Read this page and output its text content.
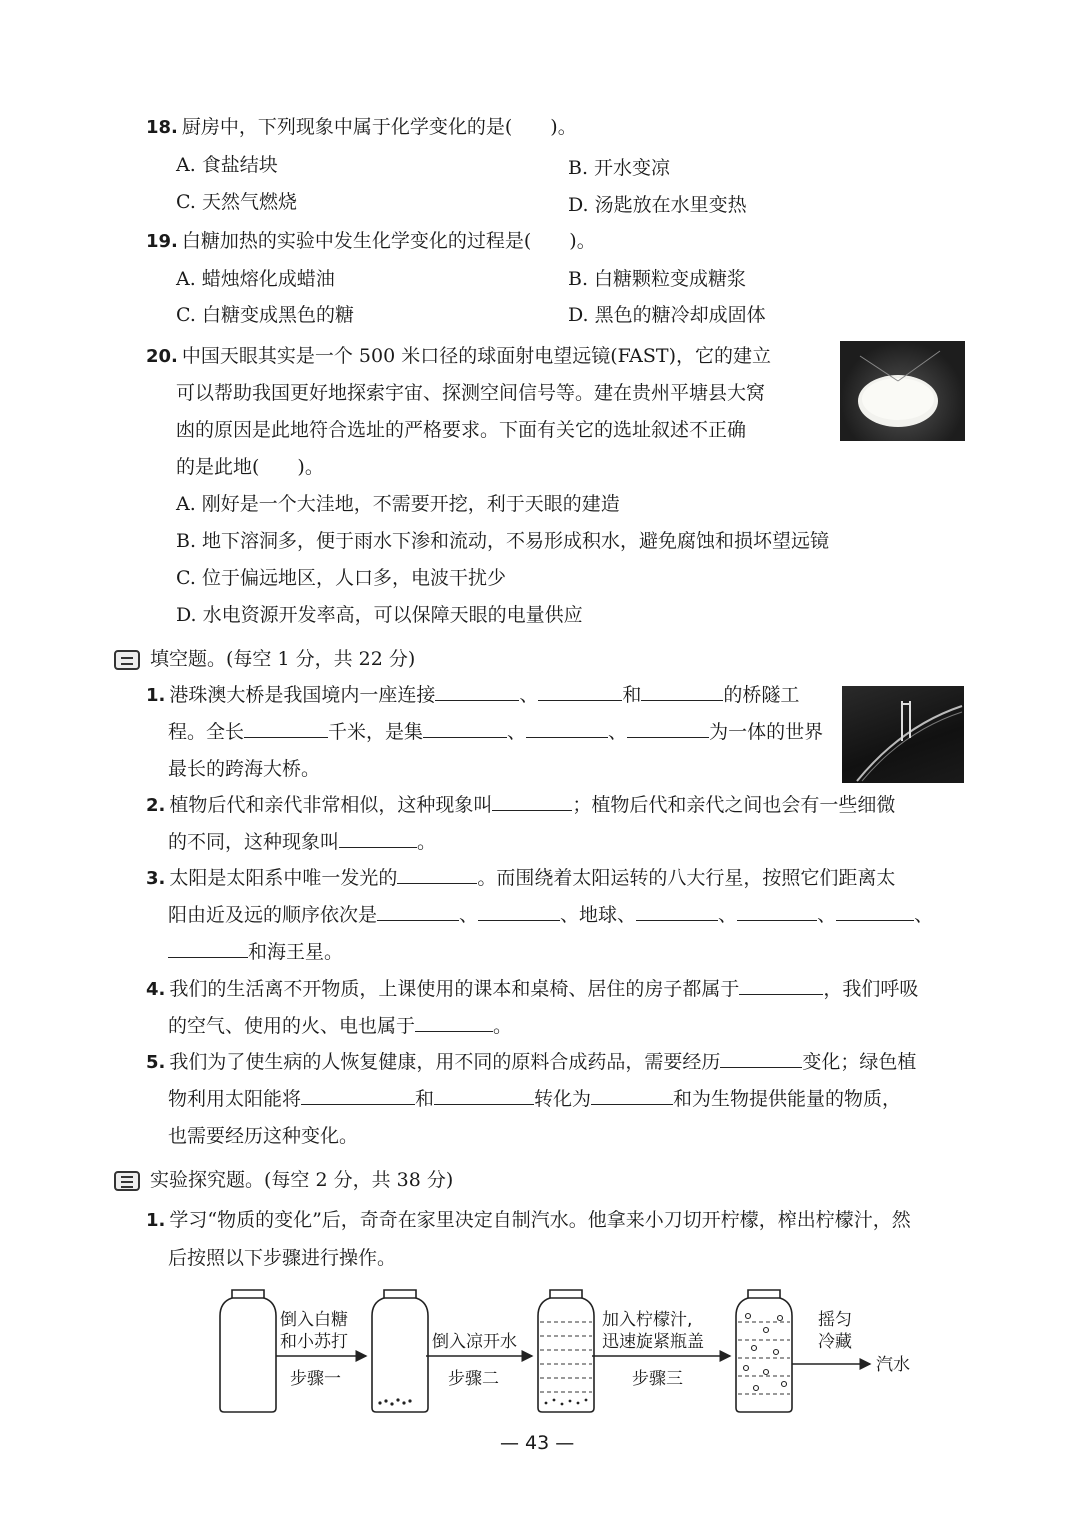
18. 厨房中，下列现象中属于化学变化的是(　　)。
A. 食盐结块	B. 开水变凉
C. 天然气燃烧	D. 汤匙放在水里变热
19. 白糖加热的实验中发生化学变化的过程是(　　)。
A. 蜡烛熔化成蜡油	B. 白糖颗粒变成糖浆
C. 白糖变成黑色的糖	D. 黑色的糖冷却成固体
20. 中国天眼其实是一个 500 米口径的球面射电望远镜(FAST)，它的建立
可以帮助我国更好地探索宇宙、探测空间信号等。建在贵州平塘县大窝
凼的原因是此地符合选址的严格要求。下面有关它的选址叙述不正确
的是此地(　　)。
A. 刚好是一个大洼地，不需要开挖，利于天眼的建造
B. 地下溶洞多，便于雨水下渗和流动，不易形成积水，避免腐蚀和损坏望远镜
C. 位于偏远地区，人口多，电波干扰少
D. 水电资源开发率高，可以保障天眼的电量供应
填空题。(每空 1 分，共 22 分)
1. 港珠澳大桥是我国境内一座连接	、	和	的桥隧工
程。全长	千米，是集	、	、	为一体的世界
最长的跨海大桥。
2. 植物后代和亲代非常相似，这种现象叫	；植物后代和亲代之间也会有一些细微
的不同，这种现象叫	。
3. 太阳是太阳系中唯一发光的	。而围绕着太阳运转的八大行星，按照它们距离太
阳由近及远的顺序依次是	、	、地球、	、	、	、
和海王星。
4. 我们的生活离不开物质，上课使用的课本和桌椅、居住的房子都属于	，我们呼吸
的空气、使用的火、电也属于	。
5. 我们为了使生病的人恢复健康，用不同的原料合成药品，需要经历	变化；绿色植
物利用太阳能将	和	转化为	和为生物提供能量的物质，
也需要经历这种变化。
实验探究题。(每空 2 分，共 38 分)
1. 学习“物质的变化”后，奇奇在家里决定自制汽水。他拿来小刀切开柠檬，榨出柠檬汁，然
后按照以下步骤进行操作。
倒入白糖
和小苏打
步骤一
倒入凉开水
步骤二
加入柠檬汁,
迅速旋紧瓶盖
步骤三
摇匀
冷藏
汽水
— 43 —
